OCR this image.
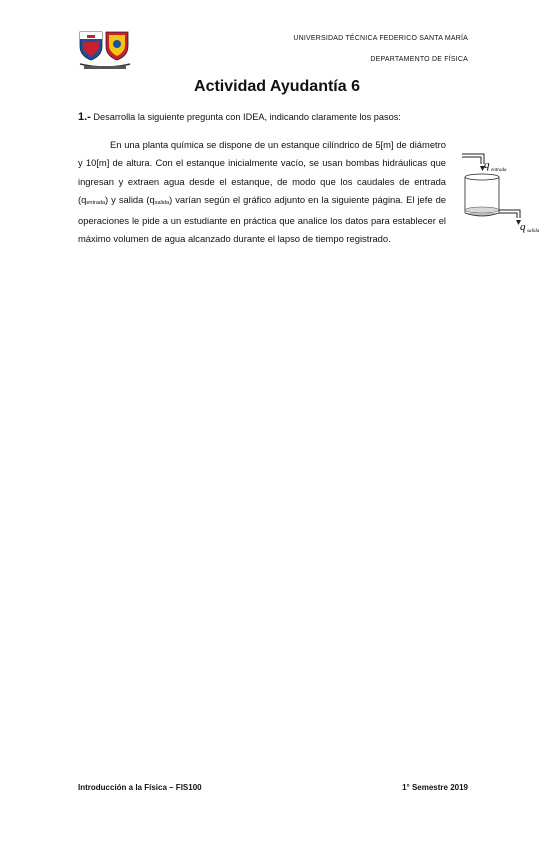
UNIVERSIDAD TÉCNICA FEDERICO SANTA MARÍA
DEPARTAMENTO DE FÍSICA
Actividad Ayudantía 6
1.- Desarrolla la siguiente pregunta con IDEA, indicando claramente los pasos:

En una planta química se dispone de un estanque cilíndrico de 5[m] de diámetro y 10[m] de altura. Con el estanque inicialmente vacío, se usan bombas hidráulicas que ingresan y extraen agua desde el estanque, de modo que los caudales de entrada $(q_{entrada})$ y salida $(q_{salida})$ varían según el gráfico adjunto en la siguiente página. El jefe de operaciones le pide a un estudiante en práctica que analice los datos para establecer el máximo volumen de agua alcanzado durante el lapso de tiempo registrado.

q entrada
q salida
Introducción a la Física – FIS100	1° Semestre 2019
